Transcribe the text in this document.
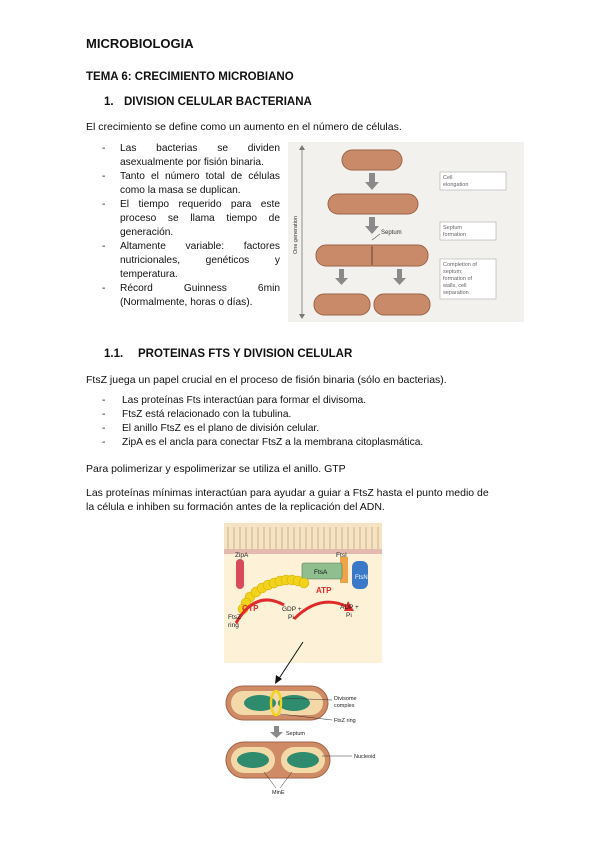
MICROBIOLOGIA
TEMA 6: CRECIMIENTO MICROBIANO
1. DIVISION CELULAR BACTERIANA
El crecimiento se define como un aumento en el número de células.
- Las bacterias se dividen asexualmente por fisión binaria.
- Tanto el número total de células como la masa se duplican.
- El tiempo requerido para este proceso se llama tiempo de generación.
- Altamente variable: factores nutricionales, genéticos y temperatura.
- Récord Guinness 6min (Normalmente, horas o días).
Septum
One generation
Cell elongation
Septum formation
Completion of septum; formation of walls, cell separation
1.1. PROTEINAS FTS Y DIVISION CELULAR
FtsZ juega un papel crucial en el proceso de fisión binaria (sólo en bacterias).
- Las proteínas Fts interactúan para formar el divisoma.
- FtsZ está relacionado con la tubulina.
- El anillo FtsZ es el plano de división celular.
- ZipA es el ancla para conectar FtsZ a la membrana citoplasmática.
Para polimerizar y espolimerizar se utiliza el anillo. GTP
Las proteínas mínimas interactúan para ayudar a guiar a FtsZ hasta el punto medio de
la célula e inhiben su formación antes de la replicación del ADN.
ZipA	FtsI
FtsA
FtsN
GTP
ATP
GDP +
Pi
ADP +
Pi
FtsZ ring
Divisome complex
FtsZ ring
Septum
Nucleoid
MinE
